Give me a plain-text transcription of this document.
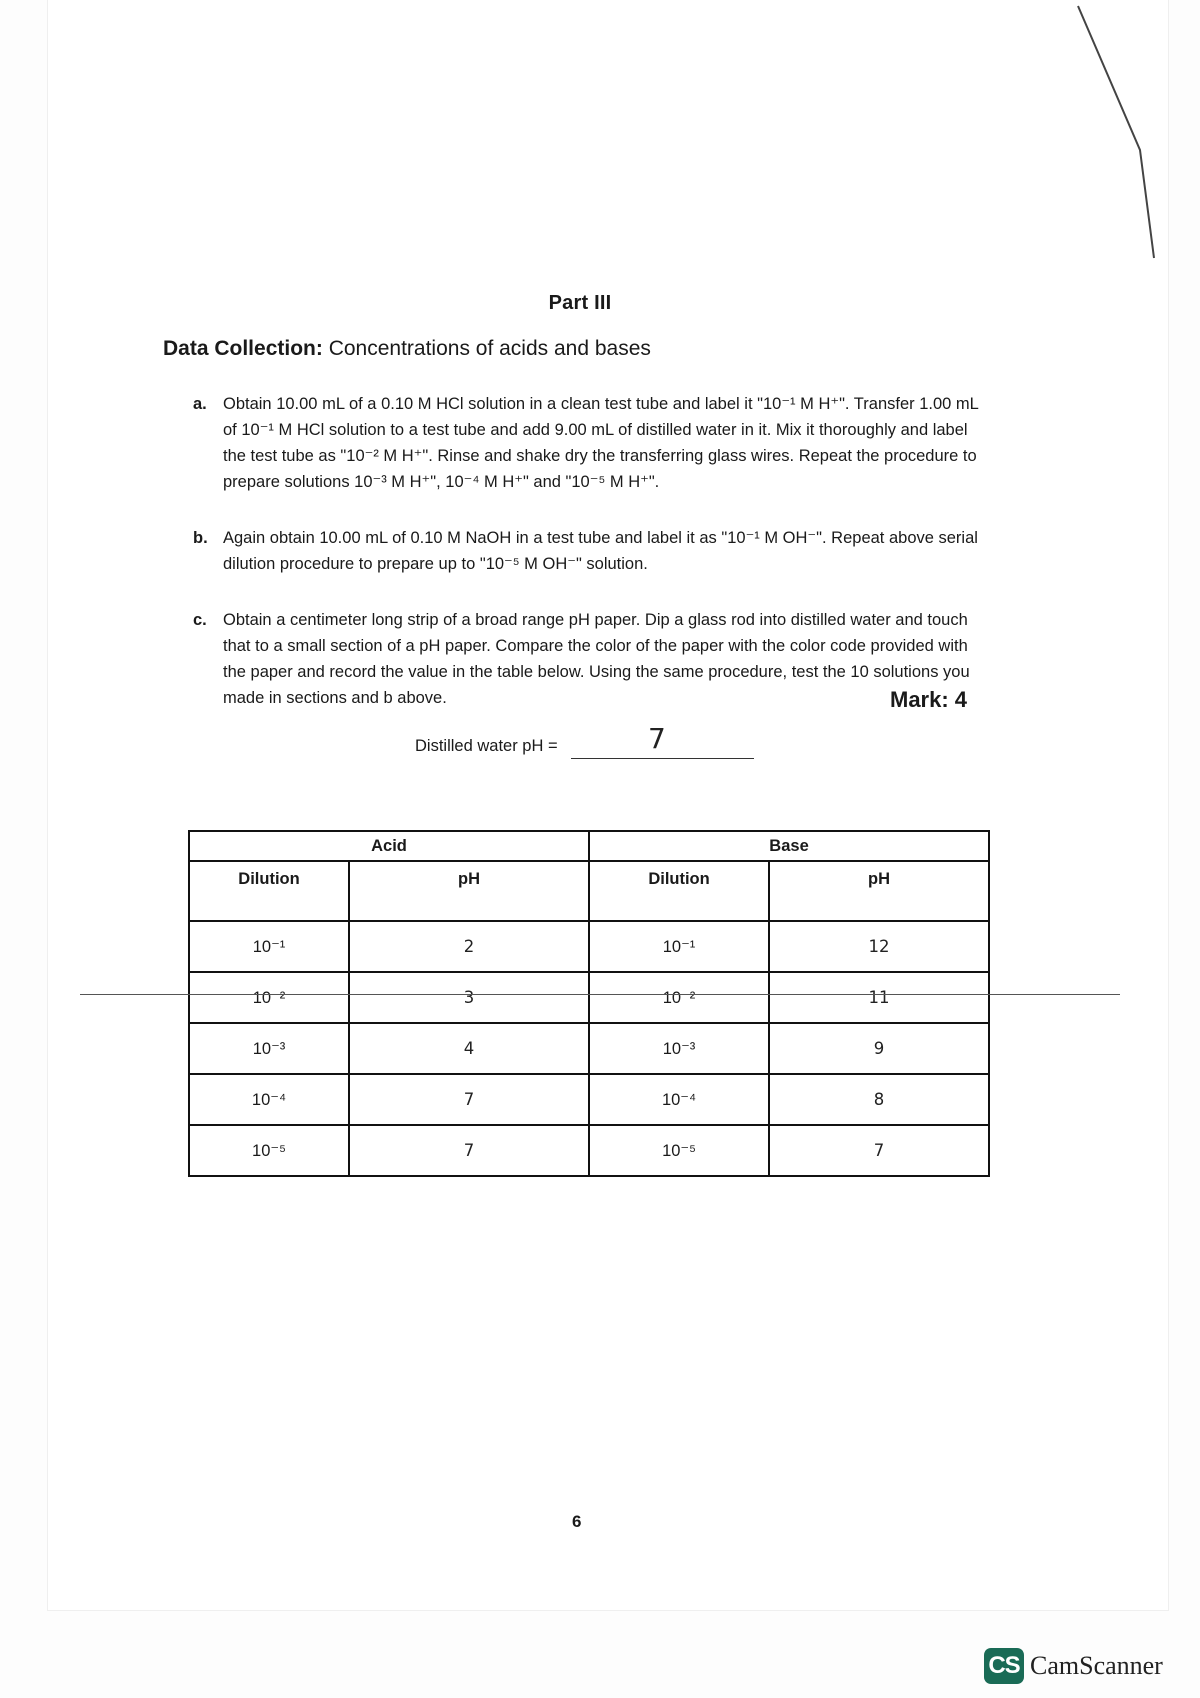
Part III
Data Collection: Concentrations of acids and bases
a. Obtain 10.00 mL of a 0.10 M HCl solution in a clean test tube and label it "10⁻¹ M H⁺". Transfer 1.00 mL of 10⁻¹ M HCl solution to a test tube and add 9.00 mL of distilled water in it. Mix it thoroughly and label the test tube as "10⁻² M H⁺". Rinse and shake dry the transferring glass wires. Repeat the procedure to prepare solutions 10⁻³ M H⁺", 10⁻⁴ M H⁺" and "10⁻⁵ M H⁺".
b. Again obtain 10.00 mL of 0.10 M NaOH in a test tube and label it as "10⁻¹ M OH⁻". Repeat above serial dilution procedure to prepare up to "10⁻⁵ M OH⁻" solution.
c. Obtain a centimeter long strip of a broad range pH paper. Dip a glass rod into distilled water and touch that to a small section of a pH paper. Compare the color of the paper with the color code provided with the paper and record the value in the table below. Using the same procedure, test the 10 solutions you made in sections and b above.	Mark: 4
Distilled water pH =	7
Acid		Base	
Dilution	pH	Dilution	pH
10⁻¹	2	10⁻¹	12
10⁻²	3	10⁻²	11
10⁻³	4	10⁻³	9
10⁻⁴	7	10⁻⁴	8
10⁻⁵	7	10⁻⁵	7
6
CS CamScanner
